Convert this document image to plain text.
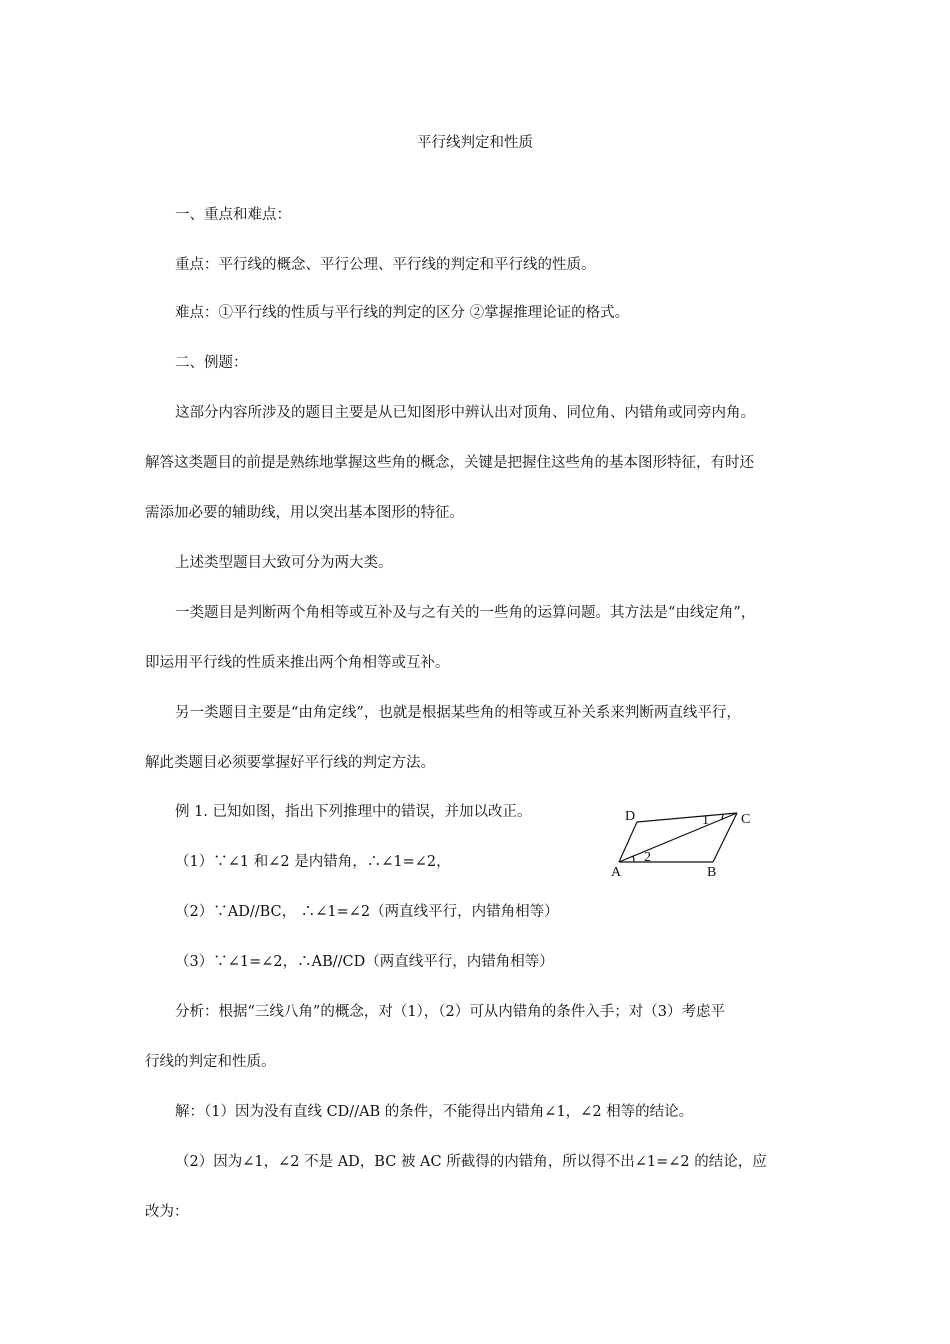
平行线判定和性质
一、重点和难点：
重点：平行线的概念、平行公理、平行线的判定和平行线的性质。
难点：①平行线的性质与平行线的判定的区分 ②掌握推理论证的格式。
二、例题：
这部分内容所涉及的题目主要是从已知图形中辨认出对顶角、同位角、内错角或同旁内角。
解答这类题目的前提是熟练地掌握这些角的概念，关键是把握住这些角的基本图形特征，有时还
需添加必要的辅助线，用以突出基本图形的特征。
上述类型题目大致可分为两大类。
一类题目是判断两个角相等或互补及与之有关的一些角的运算问题。其方法是“由线定角”，
即运用平行线的性质来推出两个角相等或互补。
另一类题目主要是“由角定线”，也就是根据某些角的相等或互补关系来判断两直线平行，
解此类题目必须要掌握好平行线的判定方法。
例 1. 已知如图，指出下列推理中的错误，并加以改正。
（1）∵∠1 和∠2 是内错角，∴∠1=∠2，
（2）∵AD//BC， ∴∠1=∠2（两直线平行，内错角相等）
（3）∵∠1=∠2，∴AB//CD（两直线平行，内错角相等）
D	C
A	B
1
2
分析：根据“三线八角”的概念，对（1），（2）可从内错角的条件入手；对（3）考虑平
行线的判定和性质。
解：（1）因为没有直线 CD//AB 的条件，不能得出内错角∠1，∠2 相等的结论。
（2）因为∠1，∠2 不是 AD，BC 被 AC 所截得的内错角，所以得不出∠1=∠2 的结论，应
改为：
